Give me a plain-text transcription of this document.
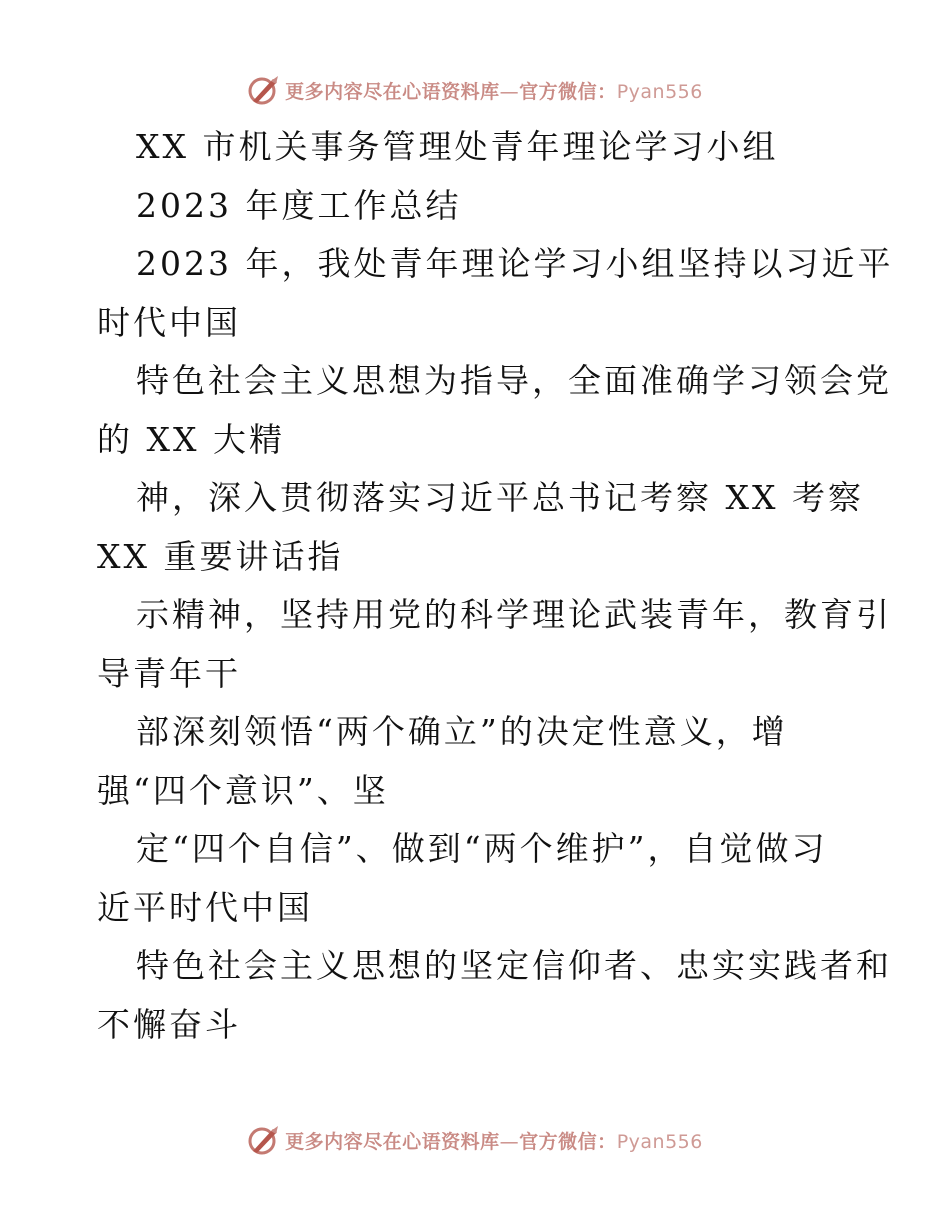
更多内容尽在心语资料库—官方微信：Pyan556
XX 市机关事务管理处青年理论学习小组
2023 年度工作总结
2023 年，我处青年理论学习小组坚持以习近平
时代中国
特色社会主义思想为指导，全面准确学习领会党
的 XX 大精
神，深入贯彻落实习近平总书记考察 XX 考察
XX 重要讲话指
示精神，坚持用党的科学理论武装青年，教育引
导青年干
部深刻领悟“两个确立”的决定性意义，增
强“四个意识”、坚
定“四个自信”、做到“两个维护”，自觉做习
近平时代中国
特色社会主义思想的坚定信仰者、忠实实践者和
不懈奋斗
更多内容尽在心语资料库—官方微信：Pyan556
